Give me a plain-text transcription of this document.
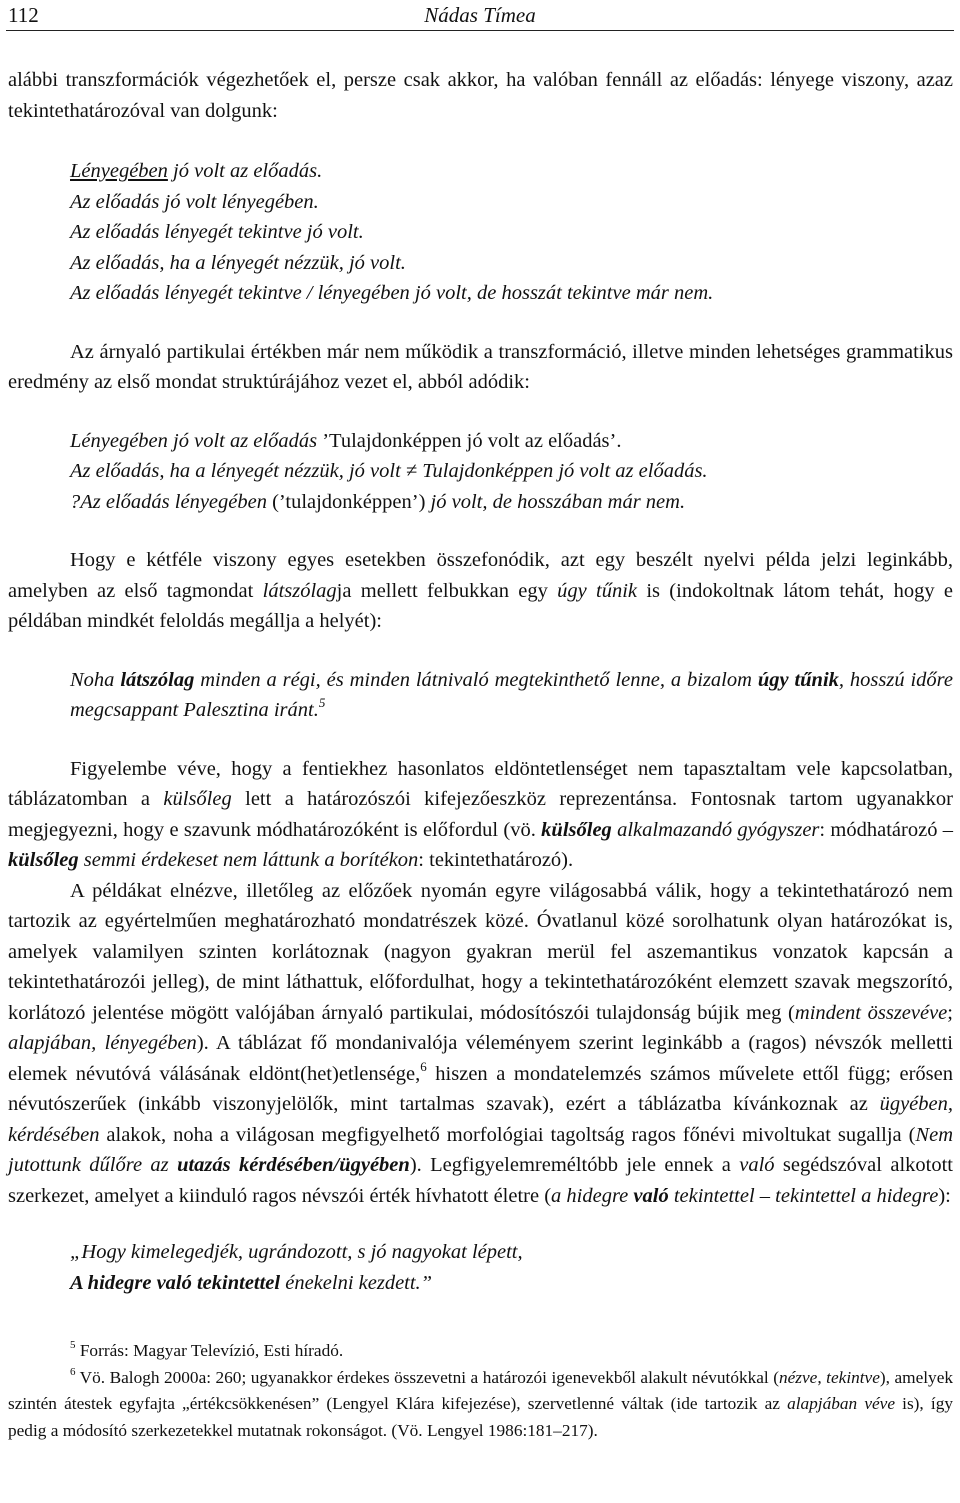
112	Nádas Tímea

alábbi transzformációk végezhetőek el, persze csak akkor, ha valóban fennáll az előadás: lényege viszony, azaz tekintethatározóval van dolgunk:

Lényegében jó volt az előadás.
Az előadás jó volt lényegében.
Az előadás lényegét tekintve jó volt.
Az előadás, ha a lényegét nézzük, jó volt.
Az előadás lényegét tekintve / lényegében jó volt, de hosszát tekintve már nem.

Az árnyaló partikulai értékben már nem működik a transzformáció, illetve minden lehetséges grammatikus eredmény az első mondat struktúrájához vezet el, abból adódik:

Lényegében jó volt az előadás ’Tulajdonképpen jó volt az előadás’.
Az előadás, ha a lényegét nézzük, jó volt ≠ Tulajdonképpen jó volt az előadás.
?Az előadás lényegében (’tulajdonképpen’) jó volt, de hosszában már nem.

Hogy e kétféle viszony egyes esetekben összefonódik, azt egy beszélt nyelvi példa jelzi leginkább, amelyben az első tagmondat látszólagja mellett felbukkan egy úgy tűnik is (indokoltnak látom tehát, hogy e példában mindkét feloldás megállja a helyét):

Noha látszólag minden a régi, és minden látnivaló megtekinthető lenne, a bizalom úgy tűnik, hosszú időre megcsappant Palesztina iránt.$^5$

Figyelembe véve, hogy a fentiekhez hasonlatos eldöntetlenséget nem tapasztaltam vele kapcsolatban, táblázatomban a külsőleg lett a határozószói kifejezőeszköz reprezentánsa. Fontosnak tartom ugyanakkor megjegyezni, hogy e szavunk módhatározóként is előfordul (vö. külsőleg alkalmazandó gyógyszer: módhatározó – külsőleg semmi érdekeset nem láttunk a borítékon: tekintethatározó).

A példákat elnézve, illetőleg az előzőek nyomán egyre világosabbá válik, hogy a tekintethatározó nem tartozik az egyértelműen meghatározható mondatrészek közé. Óvatlanul közé sorolhatunk olyan határozókat is, amelyek valamilyen szinten korlátoznak (nagyon gyakran merül fel aszemantikus vonzatok kapcsán a tekintethatározói jelleg), de mint láthattuk, előfordulhat, hogy a tekintethatározóként elemzett szavak megszorító, korlátozó jelentése mögött valójában árnyaló partikulai, módosítószói tulajdonság bújik meg (mindent összevévе; alapjában, lényegében). A táblázat fő mondanivalója véleményem szerint leginkább a (ragos) névszók melletti elemek névutóvá válásának eldönt(het)etlensége,$^6$ hiszen a mondatelemzés számos művelete ettől függ; erősen névutószerűek (inkább viszonyjelölők, mint tartalmas szavak), ezért a táblázatba kívánkoznak az ügyében, kérdésében alakok, noha a világosan megfigyelhető morfológiai tagoltság ragos főnévi mivoltukat sugallja (Nem jutottunk dűlőre az utazás kérdésében/ügyében). Legfigyelemreméltóbb jele ennek a való segédszóval alkotott szerkezet, amelyet a kiinduló ragos névszói érték hívhatott életre (a hidegre való tekintettel – tekintettel a hidegre):

„Hogy kimelegedjék, ugrándozott, s jó nagyokat lépett,
A hidegre való tekintettel énekelni kezdett.”

$^5$ Forrás: Magyar Televízió, Esti híradó.

$^6$ Vö. Balogh 2000a: 260; ugyanakkor érdekes összevetni a határozói igenevekből alakult névutókkal (nézve, tekintve), amelyek szintén átestek egyfajta „értékcsökkenésen” (Lengyel Klára kifejezése), szervetlenné váltak (ide tartozik az alapjában véve is), így pedig a módosító szerkezetekkel mutatnak rokonságot. (Vö. Lengyel 1986:181–217).
